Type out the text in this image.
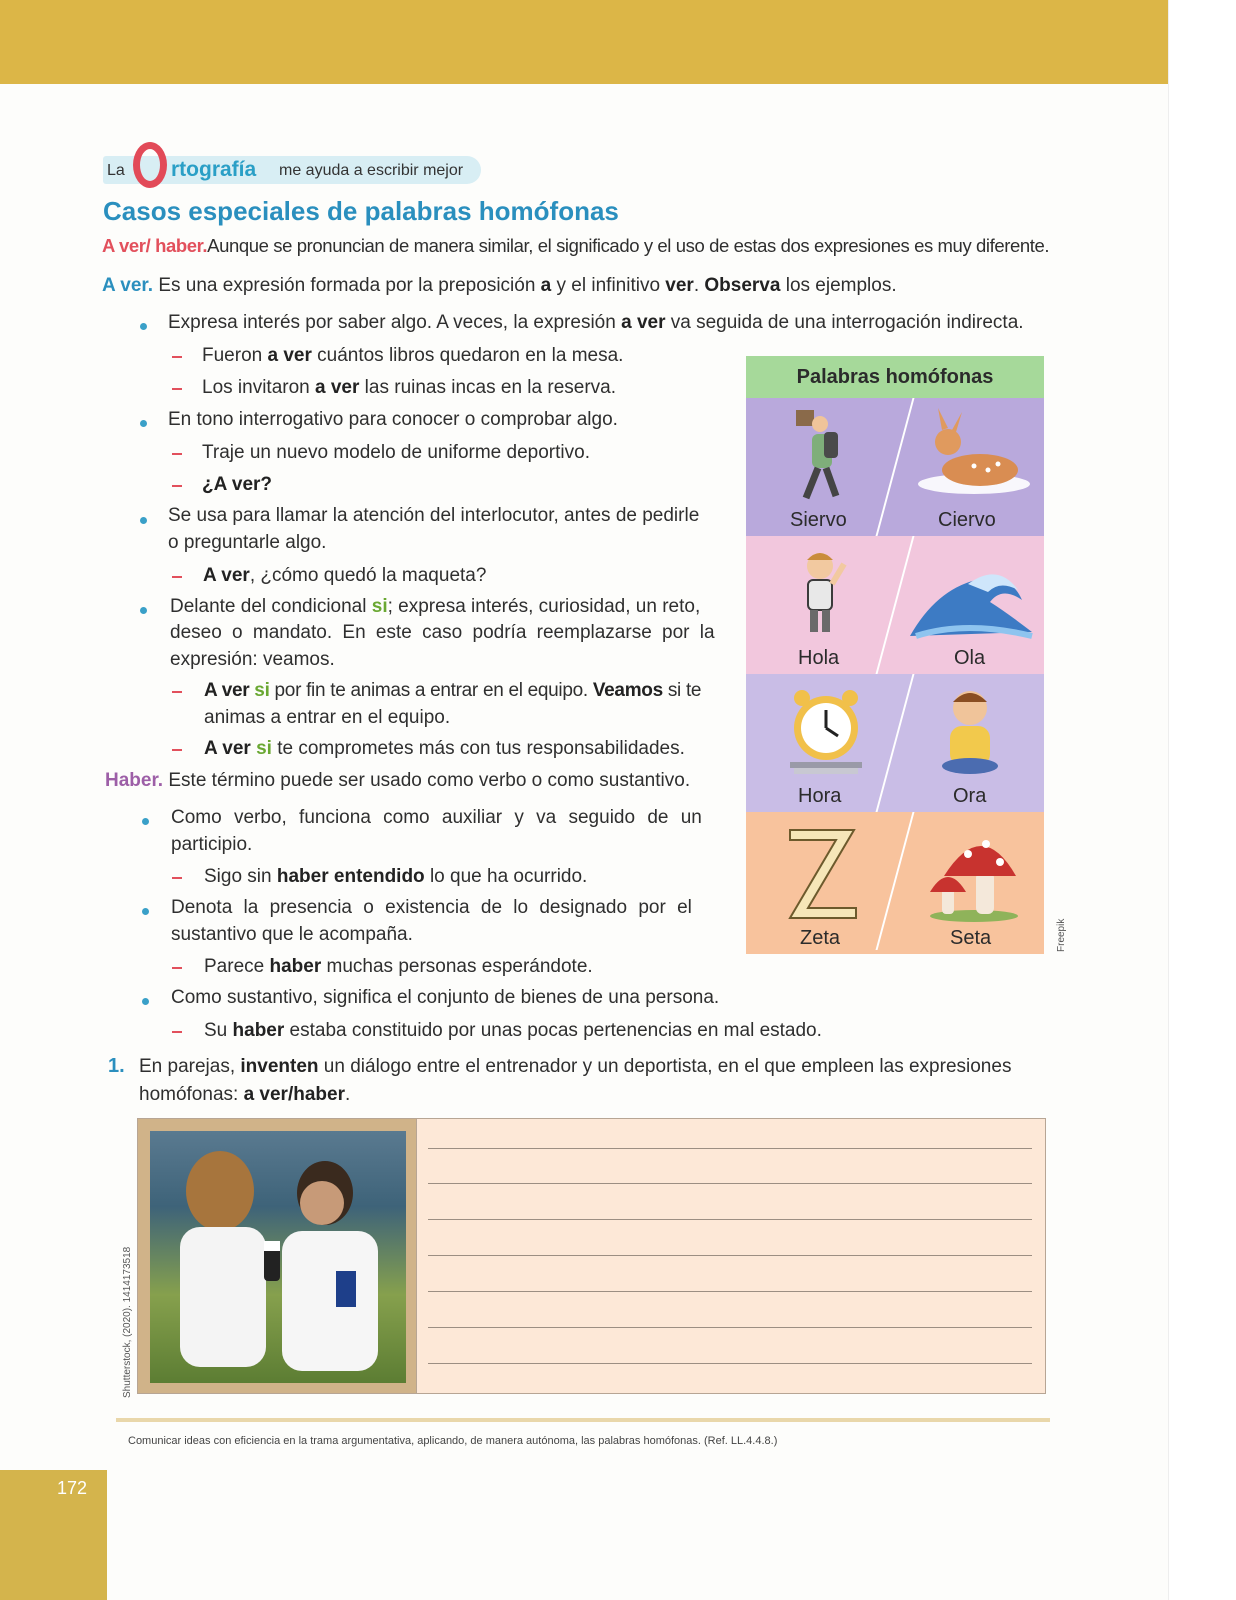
La rtografía me ayuda a escribir mejor
Casos especiales de palabras homófonas
A ver/ haber.Aunque se pronuncian de manera similar, el significado y el uso de estas dos expresiones es muy diferente.
A ver. Es una expresión formada por la preposición a y el infinitivo ver. Observa los ejemplos.
Expresa interés por saber algo. A veces, la expresión a ver va seguida de una interrogación indirecta.
Fueron a ver cuántos libros quedaron en la mesa.
Los invitaron a ver las ruinas incas en la reserva.
En tono interrogativo para conocer o comprobar algo.
Traje un nuevo modelo de uniforme deportivo.
¿A ver?
Se usa para llamar la atención del interlocutor, antes de pedirle
o preguntarle algo.
A ver, ¿cómo quedó la maqueta?
Delante del condicional si; expresa interés, curiosidad, un reto,
deseo o mandato. En este caso podría reemplazarse por la
expresión: veamos.
A ver si por fin te animas a entrar en el equipo. Veamos si te
animas a entrar en el equipo.
A ver si te comprometes más con tus responsabilidades.
Haber. Este término puede ser usado como verbo o como sustantivo.
Como verbo, funciona como auxiliar y va seguido de un
participio.
Sigo sin haber entendido lo que ha ocurrido.
Denota la presencia o existencia de lo designado por el
sustantivo que le acompaña.
Parece haber muchas personas esperándote.
Como sustantivo, significa el conjunto de bienes de una persona.
Su haber estaba constituido por unas pocas pertenencias en mal estado.
Palabras homófonas
Siervo	Ciervo
Hola	Ola
Hora	Ora
Zeta	Seta	Freepik
1. En parejas, inventen un diálogo entre el entrenador y un deportista, en el que empleen las expresiones
homófonas: a ver/haber.
Shutterstock, (2020). 1414173518
Comunicar ideas con eficiencia en la trama argumentativa, aplicando, de manera autónoma, las palabras homófonas. (Ref. LL.4.4.8.)
172
